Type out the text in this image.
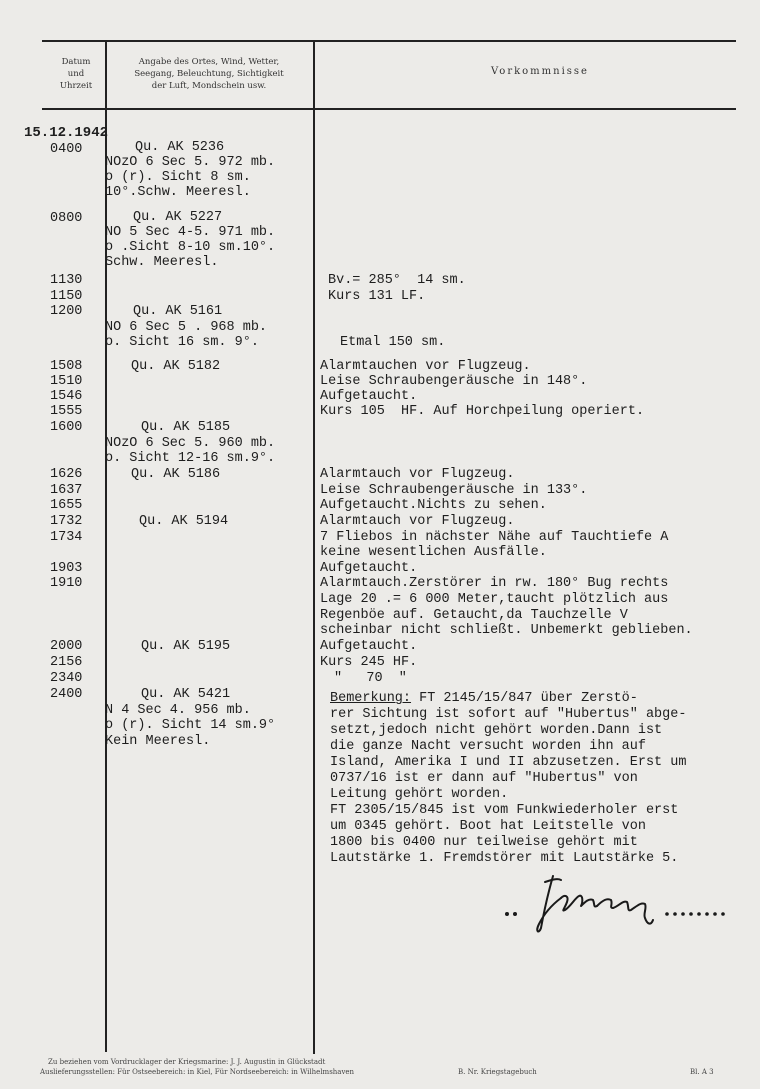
Datum
und
Uhrzeit
Angabe des Ortes, Wind, Wetter,
Seegang, Beleuchtung, Sichtigkeit
der Luft, Mondschein usw.
Vorkommnisse
15.12.1942
0400
0800
1130
1150
1200
1508
1510
1546
1555
1600
1626
1637
1655
1732
1734
1903
1910
2000
2156
2340
2400
Qu. AK 5236
NOzO 6 Sec 5. 972 mb.
o (r). Sicht 8 sm.
10°.Schw. Meeresl.
Qu. AK 5227
NO 5 Sec 4-5. 971 mb.
o .Sicht 8-10 sm.10°.
Schw. Meeresl.
Qu. AK 5161
NO 6 Sec 5 . 968 mb.
o. Sicht 16 sm. 9°.
Qu. AK 5182
Qu. AK 5185
NOzO 6 Sec 5. 960 mb.
o. Sicht 12-16 sm.9°.
Qu. AK 5186
Qu. AK 5194
Qu. AK 5195
Qu. AK 5421
N 4 Sec 4. 956 mb.
o (r). Sicht 14 sm.9°
Kein Meeresl.
Bv.= 285°  14 sm.
Kurs 131 LF.
Etmal 150 sm.
Alarmtauchen vor Flugzeug.
Leise Schraubengeräusche in 148°.
Aufgetaucht.
Kurs 105  HF. Auf Horchpeilung operiert.
Alarmtauch vor Flugzeug.
Leise Schraubengeräusche in 133°.
Aufgetaucht.Nichts zu sehen.
Alarmtauch vor Flugzeug.
7 Fliebos in nächster Nähe auf Tauchtiefe A
keine wesentlichen Ausfälle.
Aufgetaucht.
Alarmtauch.Zerstörer in rw. 180° Bug rechts
Lage 20 .= 6 000 Meter,taucht plötzlich aus
Regenböe auf. Getaucht,da Tauchzelle V
scheinbar nicht schließt. Unbemerkt geblieben.
Aufgetaucht.
Kurs 245 HF.
"   70  "
Bemerkung: FT 2145/15/847 über Zerstö-
rer Sichtung ist sofort auf "Hubertus" abge-
setzt,jedoch nicht gehört worden.Dann ist
die ganze Nacht versucht worden ihn auf
Island, Amerika I und II abzusetzen. Erst um
0737/16 ist er dann auf "Hubertus" von
Leitung gehört worden.
FT 2305/15/845 ist vom Funkwiederholer erst
um 0345 gehört. Boot hat Leitstelle von
1800 bis 0400 nur teilweise gehört mit
Lautstärke 1. Fremdstörer mit Lautstärke 5.
Zu beziehen vom Vordrucklager der Kriegsmarine: J. J. Augustin in Glückstadt
Auslieferungsstellen: Für Ostseebereich: in Kiel, Für Nordseebereich: in Wilhelmshaven	B. Nr. Kriegstagebuch	Bl. A 3
